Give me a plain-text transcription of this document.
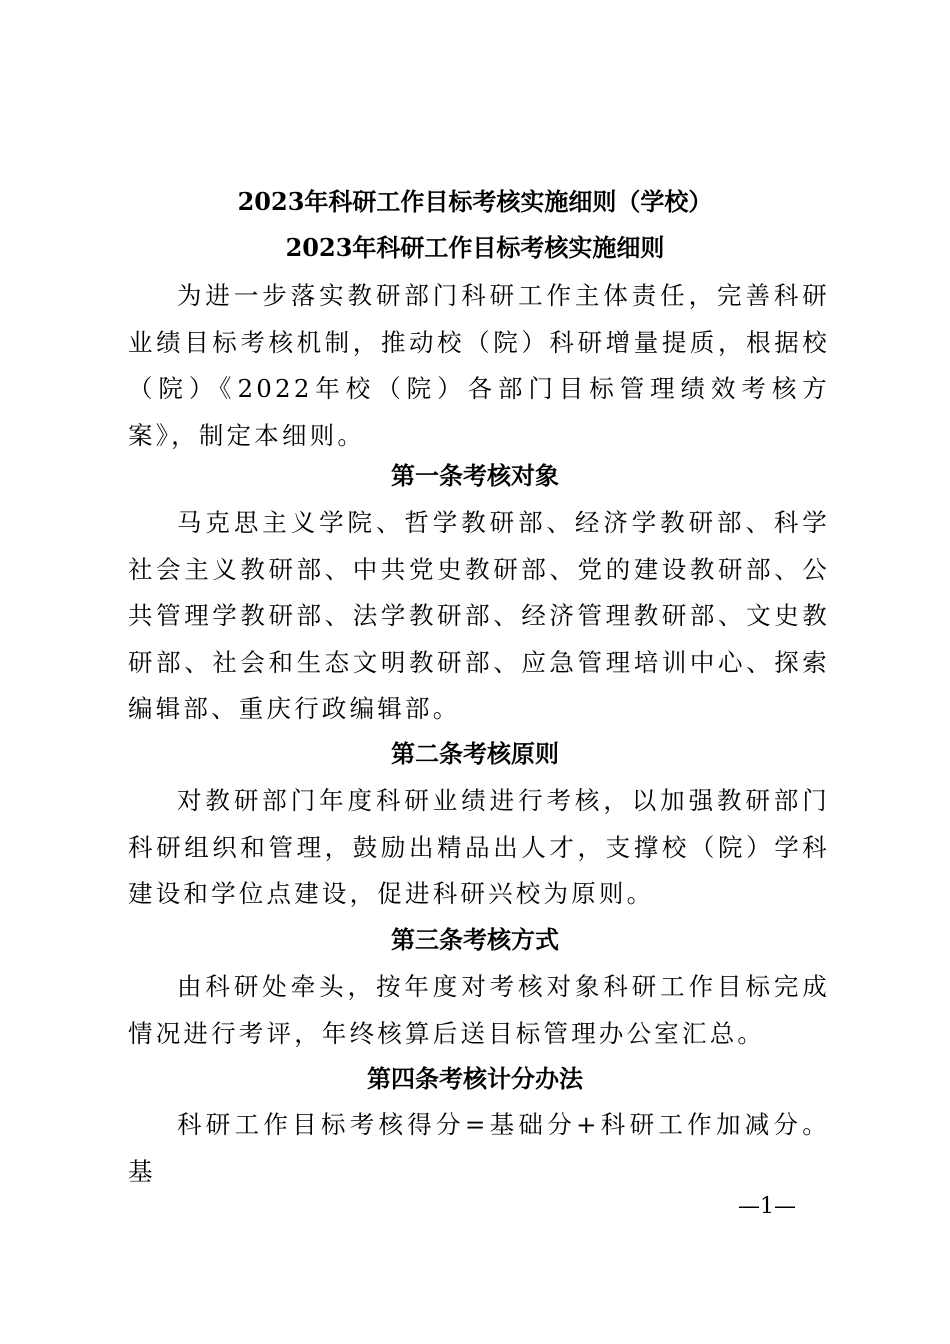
2023年科研工作目标考核实施细则（学校）
2023年科研工作目标考核实施细则

为进一步落实教研部门科研工作主体责任，完善科研业绩目标考核机制，推动校（院）科研增量提质，根据校（院）《2022年校（院）各部门目标管理绩效考核方案》，制定本细则。

第一条考核对象

马克思主义学院、哲学教研部、经济学教研部、科学社会主义教研部、中共党史教研部、党的建设教研部、公共管理学教研部、法学教研部、经济管理教研部、文史教研部、社会和生态文明教研部、应急管理培训中心、探索编辑部、重庆行政编辑部。

第二条考核原则

对教研部门年度科研业绩进行考核，以加强教研部门科研组织和管理，鼓励出精品出人才，支撑校（院）学科建设和学位点建设，促进科研兴校为原则。

第三条考核方式

由科研处牵头，按年度对考核对象科研工作目标完成情况进行考评，年终核算后送目标管理办公室汇总。

第四条考核计分办法

科研工作目标考核得分=基础分+科研工作加减分。基

—1—
